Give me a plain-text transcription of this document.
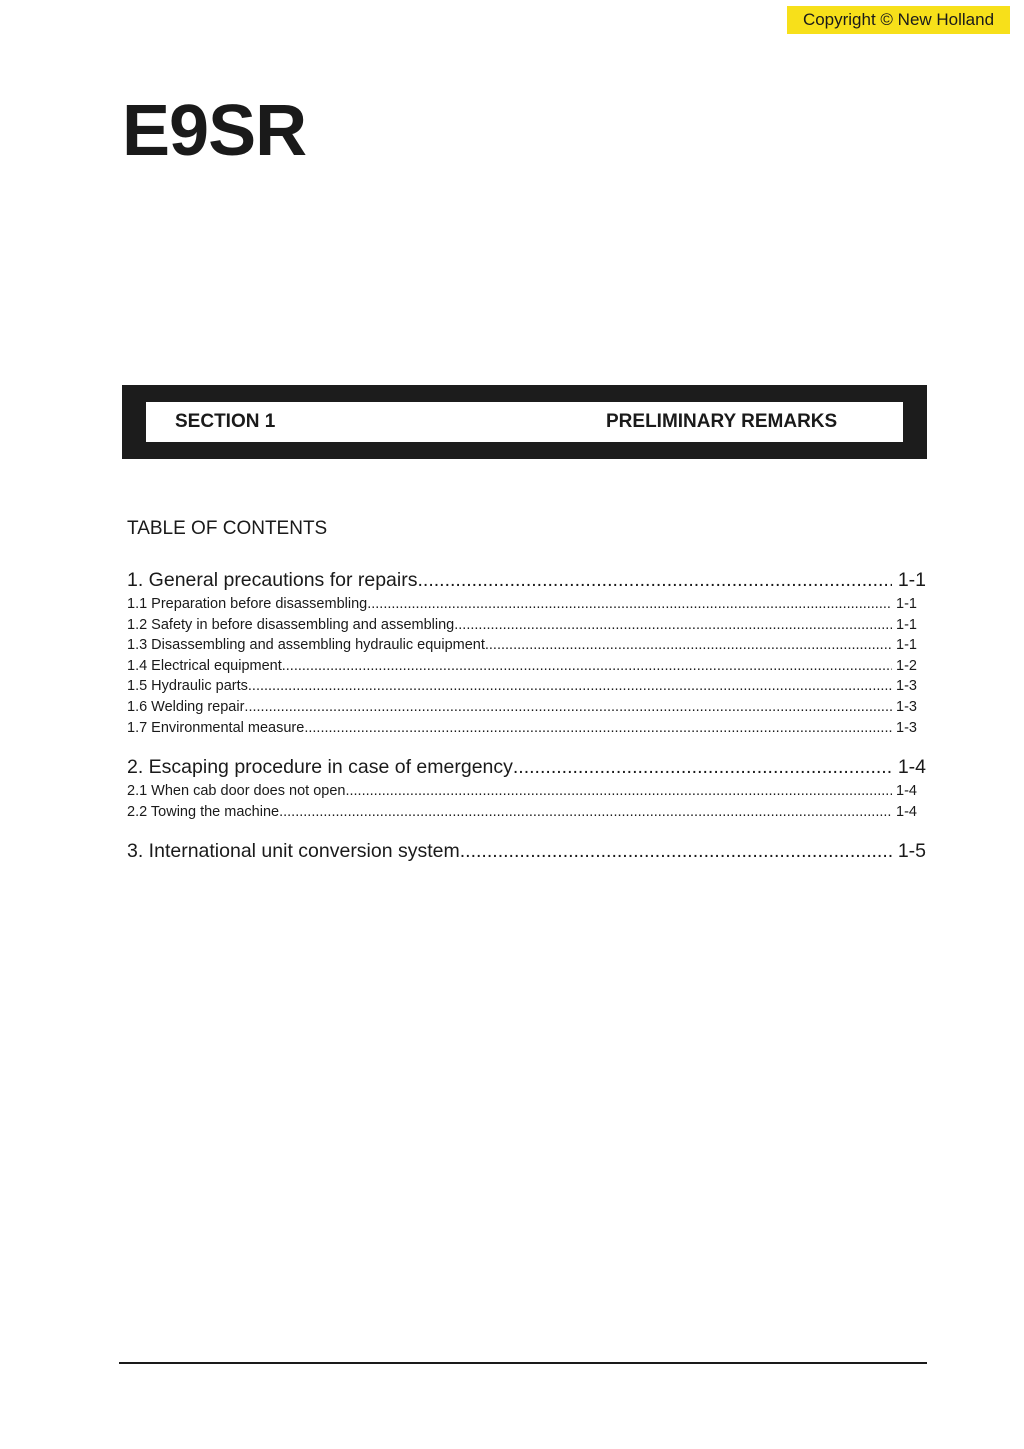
Copyright © New Holland
E9SR
SECTION 1	PRELIMINARY REMARKS
TABLE OF CONTENTS
1. General precautions for repairs .....	1-1
1.1 Preparation before disassembling .....	1-1
1.2 Safety in before disassembling and assembling .....	1-1
1.3 Disassembling and assembling hydraulic equipment .....	1-1
1.4 Electrical equipment .....	1-2
1.5 Hydraulic parts .....	1-3
1.6 Welding repair .....	1-3
1.7 Environmental measure .....	1-3
2. Escaping procedure in case of emergency .....	1-4
2.1 When cab door does not open .....	1-4
2.2 Towing the machine .....	1-4
3. International unit conversion system .....	1-5
